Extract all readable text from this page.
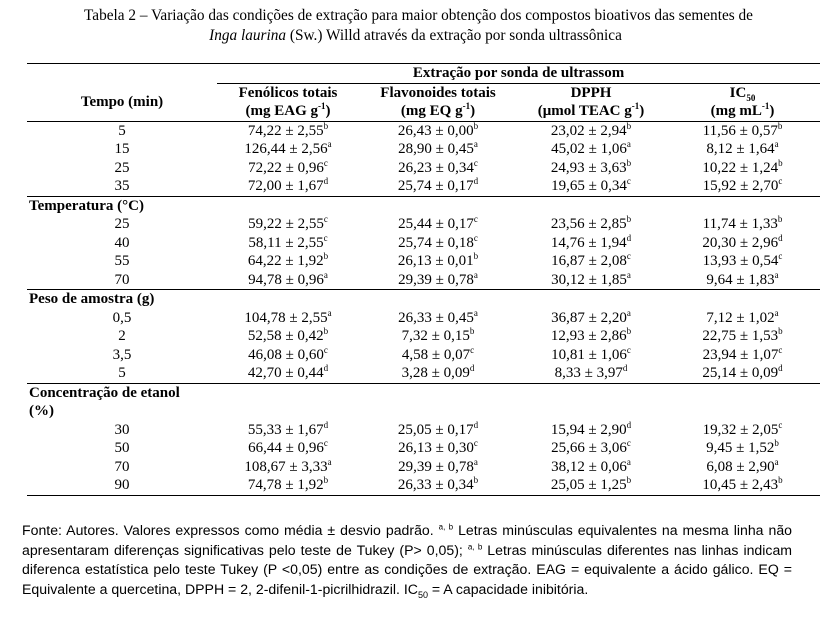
Tabela 2 – Variação das condições de extração para maior obtenção dos compostos bioativos das sementes de
Inga laurina (Sw.) Willd através da extração por sonda ultrassônica
	Extração por sonda de ultrassom			
Tempo (min)	Fenólicos totais	Flavonoides totais	DPPH	$IC_{50}$
	(mg EAG $g^{-1}$)	(mg EQ $g^{-1}$)	(μmol TEAC $g^{-1}$)	(mg $mL^{-1}$)
5	74,22 ± 2,55$^b$	26,43 ± 0,00$^b$	23,02 ± 2,94$^b$	11,56 ± 0,57$^b$
15	126,44 ± 2,56$^a$	28,90 ± 0,45$^a$	45,02 ± 1,06$^a$	8,12 ± 1,64$^a$
25	72,22 ± 0,96$^c$	26,23 ± 0,34$^c$	24,93 ± 3,63$^b$	10,22 ± 1,24$^b$
35	72,00 ± 1,67$^d$	25,74 ± 0,17$^d$	19,65 ± 0,34$^c$	15,92 ± 2,70$^c$
Temperatura (°C)				
25	59,22 ± 2,55$^c$	25,44 ± 0,17$^c$	23,56 ± 2,85$^b$	11,74 ± 1,33$^b$
40	58,11 ± 2,55$^c$	25,74 ± 0,18$^c$	14,76 ± 1,94$^d$	20,30 ± 2,96$^d$
55	64,22 ± 1,92$^b$	26,13 ± 0,01$^b$	16,87 ± 2,08$^c$	13,93 ± 0,54$^c$
70	94,78 ± 0,96$^a$	29,39 ± 0,78$^a$	30,12 ± 1,85$^a$	9,64 ± 1,83$^a$
Peso de amostra (g)				
0,5	104,78 ± 2,55$^a$	26,33 ± 0,45$^a$	36,87 ± 2,20$^a$	7,12 ± 1,02$^a$
2	52,58 ± 0,42$^b$	7,32 ± 0,15$^b$	12,93 ± 2,86$^b$	22,75 ± 1,53$^b$
3,5	46,08 ± 0,60$^c$	4,58 ± 0,07$^c$	10,81 ± 1,06$^c$	23,94 ± 1,07$^c$
5	42,70 ± 0,44$^d$	3,28 ± 0,09$^d$	8,33 ± 3,97$^d$	25,14 ± 0,09$^d$
Concentração de etanol				
(%)				
30	55,33 ± 1,67$^d$	25,05 ± 0,17$^d$	15,94 ± 2,90$^d$	19,32 ± 2,05$^c$
50	66,44 ± 0,96$^c$	26,13 ± 0,30$^c$	25,66 ± 3,06$^c$	9,45 ± 1,52$^b$
70	108,67 ± 3,33$^a$	29,39 ± 0,78$^a$	38,12 ± 0,06$^a$	6,08 ± 2,90$^a$
90	74,78 ± 1,92$^b$	26,33 ± 0,34$^b$	25,05 ± 1,25$^b$	10,45 ± 2,43$^b$
Fonte: Autores. Valores expressos como média ± desvio padrão. $^{a, b}$ Letras minúsculas equivalentes na mesma linha não apresentaram diferenças significativas pelo teste de Tukey (P> 0,05); $^{a, b}$ Letras minúsculas diferentes nas linhas indicam diferenca estatística pelo teste Tukey (P <0,05) entre as condições de extração. EAG = equivalente a ácido gálico. EQ = Equivalente a quercetina, DPPH = 2, 2-difenil-1-picrilhidrazil. $IC_{50} = A$ capacidade inibitória.
